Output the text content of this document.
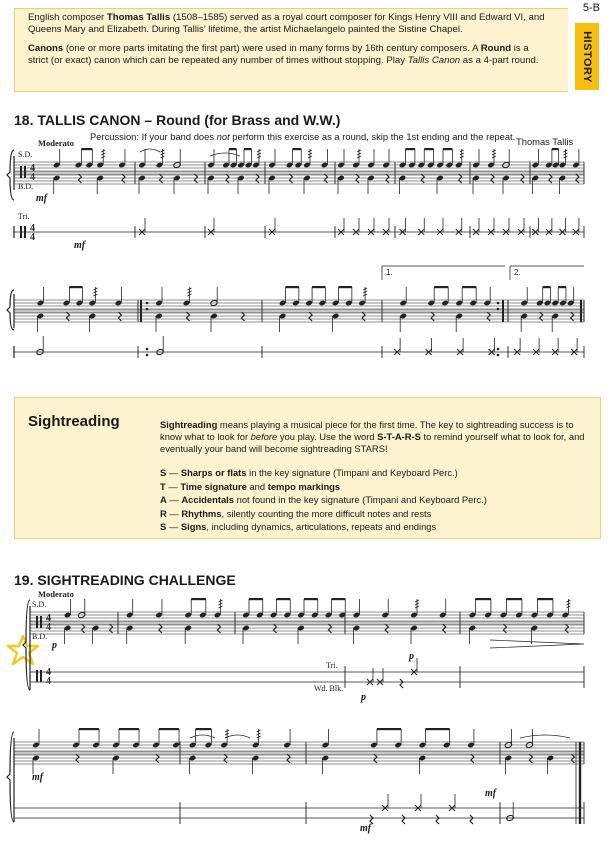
English composer Thomas Tallis (1508–1585) served as a royal court composer for Kings Henry VIII and Edward VI, and Queens Mary and Elizabeth. During Tallis’ lifetime, the artist Michaelangelo painted the Sistine Chapel.

Canons (one or more parts imitating the first part) were used in many forms by 16th century composers. A Round is a strict (or exact) canon which can be repeated any number of times without stopping. Play Tallis Canon as a 4-part round.	HISTORY
5-B
18. TALLIS CANON – Round (for Brass and W.W.)
Percussion: If your band does not perform this exercise as a round, skip the 1st ending and the repeat. Thomas Tallis
Moderato
S.D.
B.D.
Tri.
mf
mf
1.	2.
Sightreading	Sightreading means playing a musical piece for the first time. The key to sightreading success is to know what to look for before you play. Use the word S-T-A-R-S to remind yourself what to look for, and eventually your band will become sightreading STARS!

S — Sharps or flats in the key signature (Timpani and Keyboard Perc.)
T — Time signature and tempo markings
A — Accidentals not found in the key signature (Timpani and Keyboard Perc.)
R — Rhythms, silently counting the more difficult notes and rests
S — Signs, including dynamics, articulations, repeats and endings
19. SIGHTREADING CHALLENGE
Moderato
S.D.
B.D.
Tri.
Wd. Blk.
p
p
p
mf
mf
mf
4
4
4
4
4
4
4
4
